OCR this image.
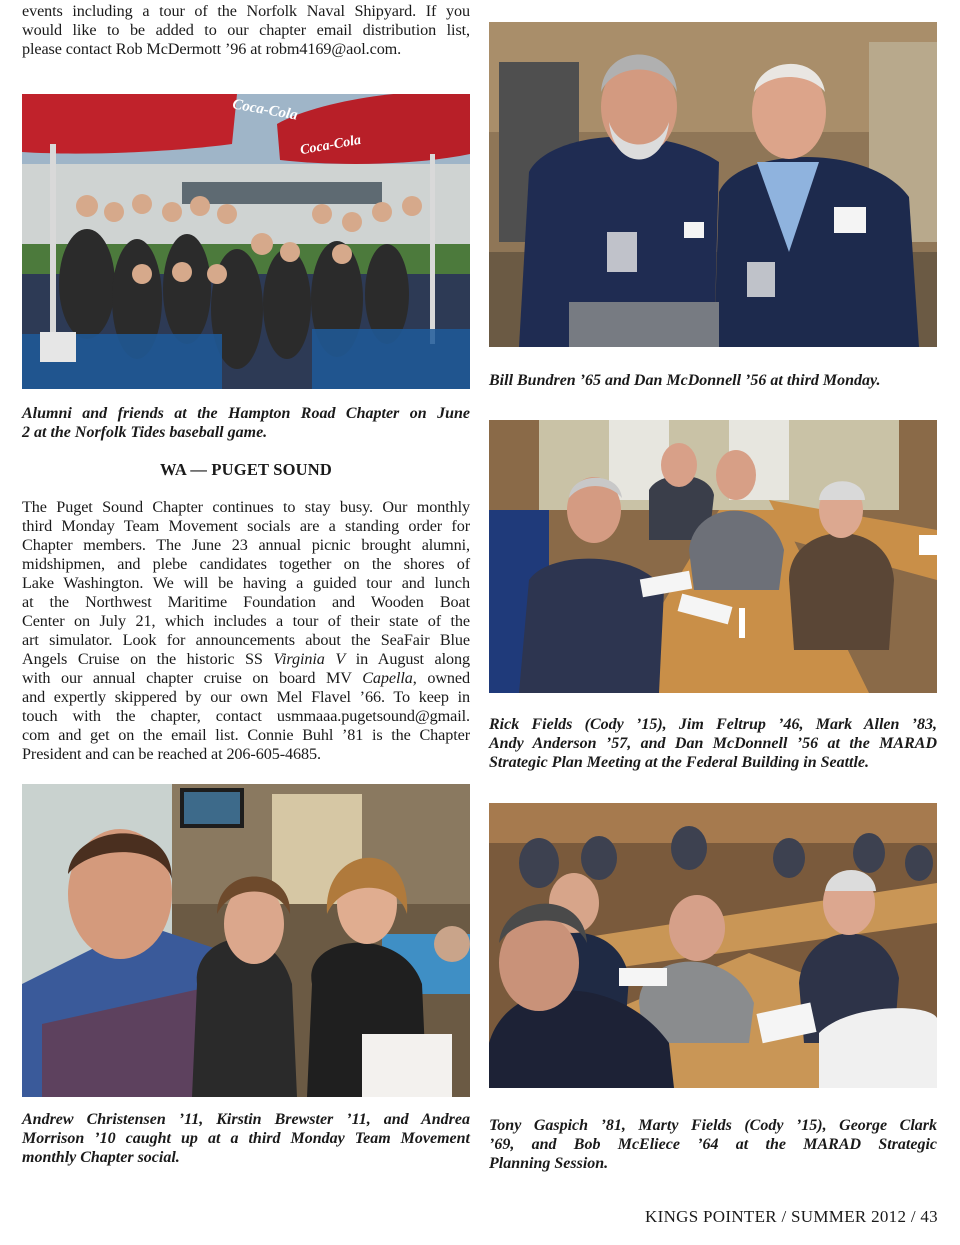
events including a tour of the Norfolk Naval Shipyard. If you
would like to be added to our chapter email distribution list,
please contact Rob McDermott ’96 at robm4169@aol.com.
Coca-Cola
Coca-Cola
Alumni and friends at the Hampton Road Chapter on June
2 at the Norfolk Tides baseball game.
WA — PUGET SOUND
The Puget Sound Chapter continues to stay busy. Our monthly
third Monday Team Movement socials are a standing order for
Chapter members. The June 23 annual picnic brought alumni,
midshipmen, and plebe candidates together on the shores of
Lake Washington. We will be having a guided tour and lunch
at the Northwest Maritime Foundation and Wooden Boat
Center on July 21, which includes a tour of their state of the
art simulator. Look for announcements about the SeaFair Blue
Angels Cruise on the historic SS Virginia V in August along
with our annual chapter cruise on board MV Capella, owned
and expertly skippered by our own Mel Flavel ’66. To keep in
touch with the chapter, contact usmmaaa.pugetsound@gmail.
com and get on the email list. Connie Buhl ’81 is the Chapter
President and can be reached at 206-605-4685.
Andrew Christensen ’11, Kirstin Brewster ’11, and Andrea
Morrison ’10 caught up at a third Monday Team Movement
monthly Chapter social.
Bill Bundren ’65 and Dan McDonnell ’56 at third Monday.
Rick Fields (Cody ’15), Jim Feltrup ’46, Mark Allen ’83,
Andy Anderson ’57, and Dan McDonnell ’56 at the MARAD
Strategic Plan Meeting at the Federal Building in Seattle.
Tony Gaspich ’81, Marty Fields (Cody ’15), George Clark
’69, and Bob McEliece ’64 at the MARAD Strategic
Planning Session.
KINGS POINTER / SUMMER 2012 / 43
